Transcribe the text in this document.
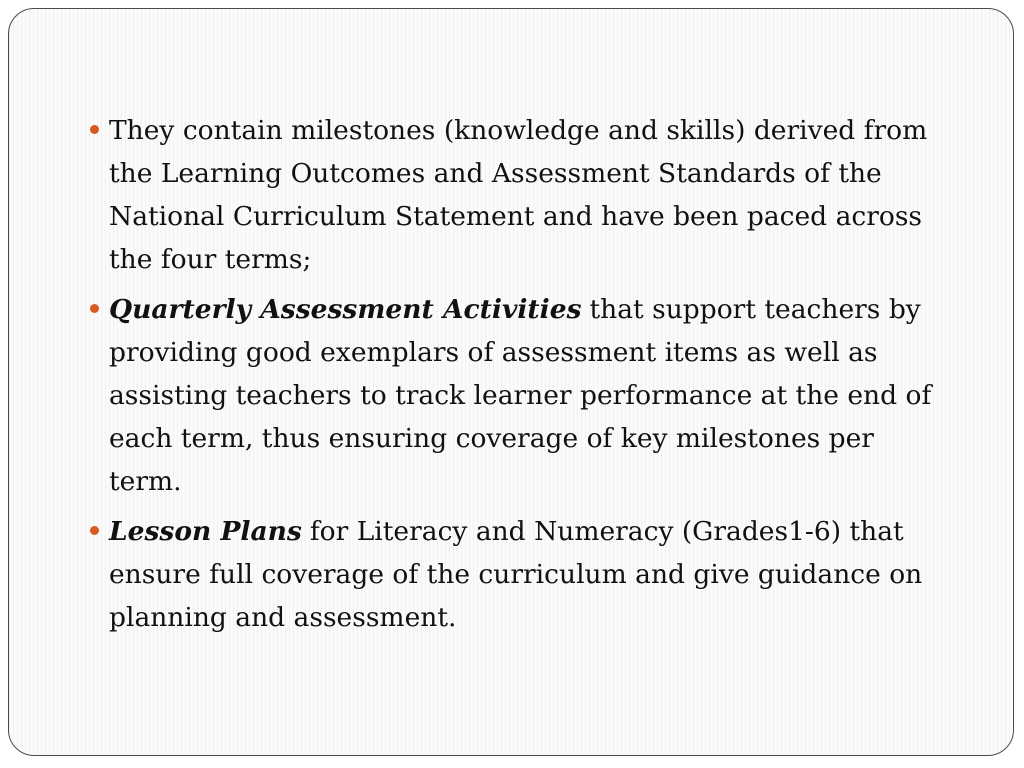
They contain milestones (knowledge and skills) derived from the Learning Outcomes and Assessment Standards of the National Curriculum Statement and have been paced across the four terms;
Quarterly Assessment Activities that support teachers by providing good exemplars of assessment items as well as assisting teachers to track learner performance at the end of each term, thus ensuring coverage of key milestones per term.
Lesson Plans for Literacy and Numeracy (Grades1-6) that ensure full coverage of the curriculum and give guidance on planning and assessment.
